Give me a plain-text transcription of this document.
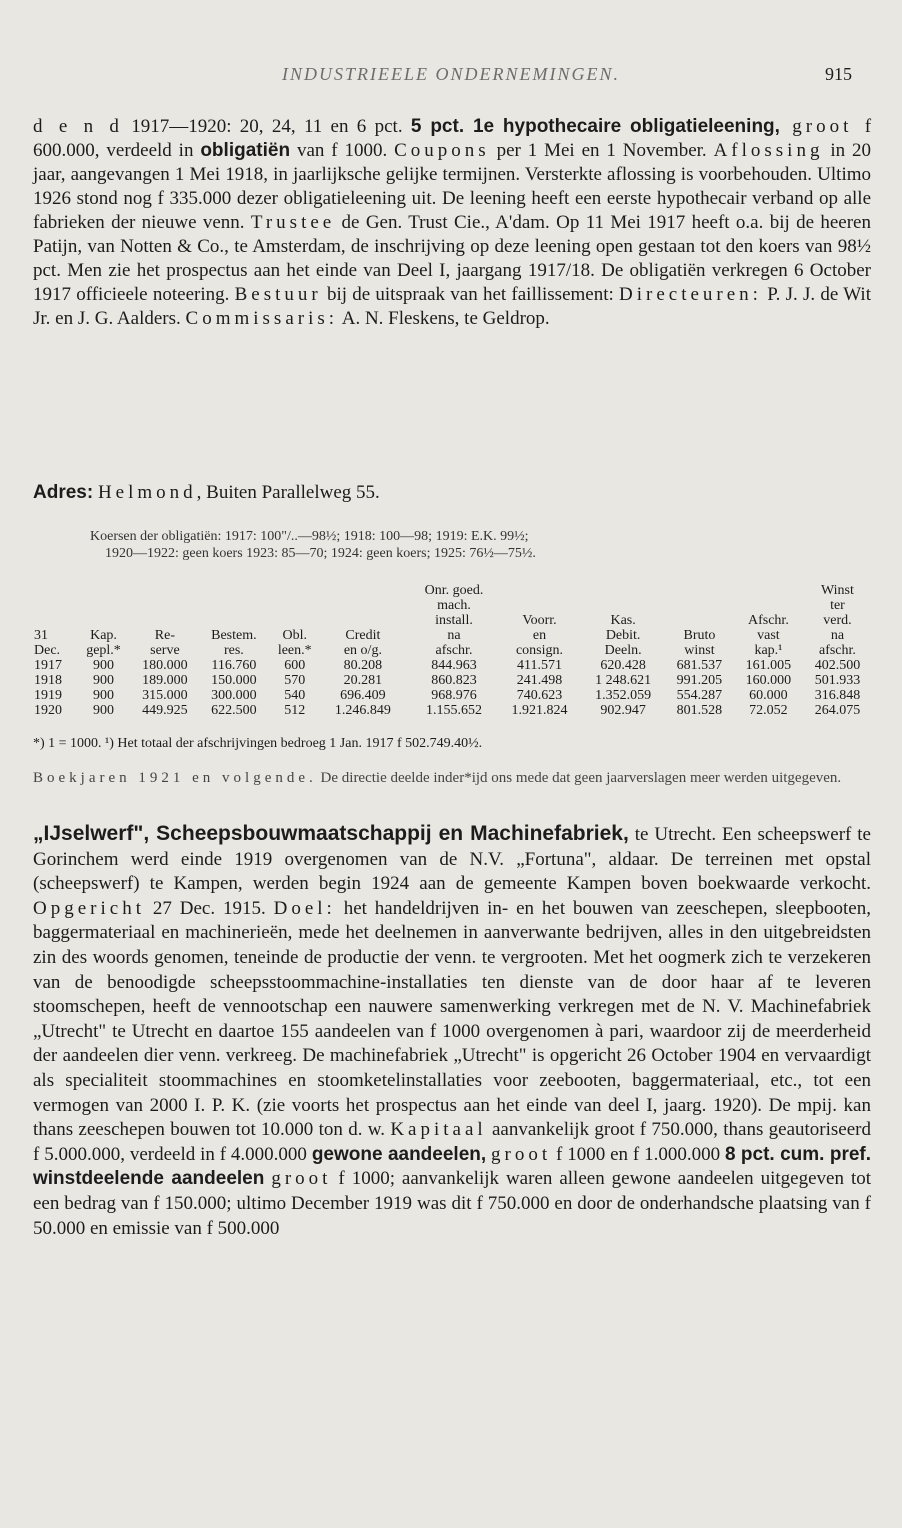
INDUSTRIEELE ONDERNEMINGEN.	915
d e n d 1917—1920: 20, 24, 11 en 6 pct. 5 pct. 1e hypothecaire obligatieleening, groot f 600.000, verdeeld in obligatiën van f 1000. Coupons per 1 Mei en 1 November. Aflossing in 20 jaar, aangevangen 1 Mei 1918, in jaarlijksche gelijke termijnen. Versterkte aflossing is voorbehouden. Ultimo 1926 stond nog f 335.000 dezer obligatieleening uit. De leening heeft een eerste hypothecair verband op alle fabrieken der nieuwe venn. Trustee de Gen. Trust Cie., A'dam. Op 11 Mei 1917 heeft o.a. bij de heeren Patijn, van Notten & Co., te Amsterdam, de inschrijving op deze leening open gestaan tot den koers van 98½ pct. Men zie het prospectus aan het einde van Deel I, jaargang 1917/18. De obligatiën verkregen 6 October 1917 officieele noteering. Bestuur bij de uitspraak van het faillissement: Directeuren: P. J. J. de Wit Jr. en J. G. Aalders. Commissaris: A. N. Fleskens, te Geldrop.
Adres: Helmond, Buiten Parallelweg 55.
Koersen der obligatiën: 1917: 100"/..—98½; 1918: 100—98; 1919: E.K. 99½;
1920—1922: geen koers 1923: 85—70; 1924: geen koers; 1925: 76½—75½.
							Onr. goed.					Winst
							mach.					ter
							install.	Voorr.	Kas.		Afschr.	verd.
31	Kap.	Re-	Bestem.	Obl.	Credit		na	en	Debit.	Bruto	vast	na
Dec.	gepl.*	serve	res.	leen.*	en o/g.		afschr.	consign.	Deeln.	winst	kap.¹	afschr.
1917	900	180.000	116.760	600	80.208		844.963	411.571	620.428	681.537	161.005	402.500
1918	900	189.000	150.000	570	20.281		860.823	241.498	1 248.621	991.205	160.000	501.933
1919	900	315.000	300.000	540	696.409		968.976	740.623	1.352.059	554.287	60.000	316.848
1920	900	449.925	622.500	512	1.246.849		1.155.652	1.921.824	902.947	801.528	72.052	264.075
*) 1 = 1000. ¹) Het totaal der afschrijvingen bedroeg 1 Jan. 1917 f 502.749.40½.
Boekjaren 1921 en volgende. De directie deelde inder*ijd ons mede dat geen jaarverslagen meer werden uitgegeven.
„IJselwerf", Scheepsbouwmaatschappij en Machinefabriek, te Utrecht. Een scheepswerf te Gorinchem werd einde 1919 overgenomen van de N.V. „Fortuna", aldaar. De terreinen met opstal (scheepswerf) te Kampen, werden begin 1924 aan de gemeente Kampen boven boekwaarde verkocht. Opgericht 27 Dec. 1915. Doel: het handeldrijven in- en het bouwen van zeeschepen, sleepbooten, baggermateriaal en machinerieën, mede het deelnemen in aanverwante bedrijven, alles in den uitgebreidsten zin des woords genomen, teneinde de productie der venn. te vergrooten. Met het oogmerk zich te verzekeren van de benoodigde scheepsstoommachine-installaties ten dienste van de door haar af te leveren stoomschepen, heeft de vennootschap een nauwere samenwerking verkregen met de N. V. Machinefabriek „Utrecht" te Utrecht en daartoe 155 aandeelen van f 1000 overgenomen à pari, waardoor zij de meerderheid der aandeelen dier venn. verkreeg. De machinefabriek „Utrecht" is opgericht 26 October 1904 en vervaardigt als specialiteit stoommachines en stoomketelinstallaties voor zeebooten, baggermateriaal, etc., tot een vermogen van 2000 I. P. K. (zie voorts het prospectus aan het einde van deel I, jaarg. 1920). De mpij. kan thans zeeschepen bouwen tot 10.000 ton d. w. Kapitaal aanvankelijk groot f 750.000, thans geautoriseerd f 5.000.000, verdeeld in f 4.000.000 gewone aandeelen, groot f 1000 en f 1.000.000 8 pct. cum. pref. winstdeelende aandeelen groot f 1000; aanvankelijk waren alleen gewone aandeelen uitgegeven tot een bedrag van f 150.000; ultimo December 1919 was dit f 750.000 en door de onderhandsche plaatsing van f 50.000 en emissie van f 500.000
